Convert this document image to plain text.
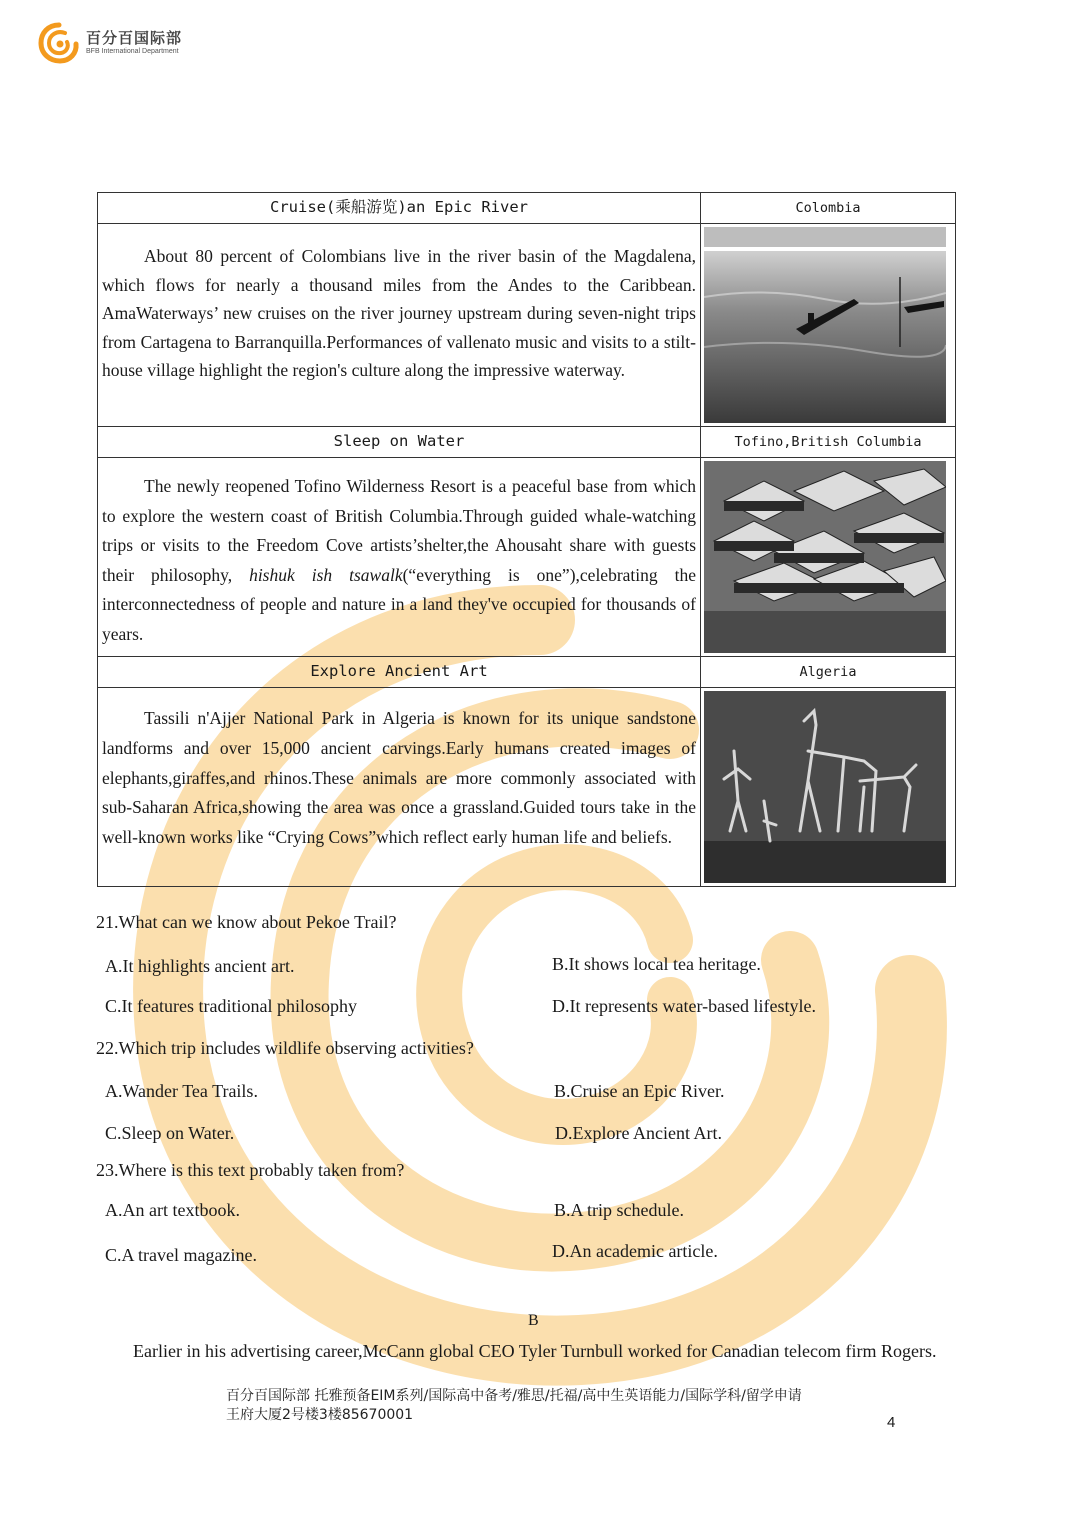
百分百国际部
BFB International Department
Cruise(乘船游览)an Epic River	Colombia

About 80 percent of Colombians live in the river basin of the Magdalena, which flows for nearly a thousand miles from the Andes to the Caribbean. AmaWaterways’ new cruises on the river journey upstream during seven-night trips from Cartagena to Barranquilla.Performances of vallenato music and visits to a stilt-house village highlight the region's culture along the impressive waterway.

Sleep on Water	Tofino,British Columbia

The newly reopened Tofino Wilderness Resort is a peaceful base from which to explore the western coast of British Columbia.Through guided whale-watching trips or visits to the Freedom Cove artists’shelter,the Ahousaht share with guests their philosophy, hishuk ish tsawalk(“everything is one”),celebrating the interconnectedness of people and nature in a land they've occupied for thousands of years.

Explore Ancient Art	Algeria

Tassili n'Ajjer National Park in Algeria is known for its unique sandstone landforms and over 15,000 ancient carvings.Early humans created images of elephants,giraffes,and rhinos.These animals are more commonly associated with sub-Saharan Africa,showing the area was once a grassland.Guided tours take in the well-known works like “Crying Cows”which reflect early human life and beliefs.

21.What can we know about Pekoe Trail?
A.It highlights ancient art.	B.It shows local tea heritage.
C.It features traditional philosophy	D.It represents water-based lifestyle.
22.Which trip includes wildlife observing activities?
A.Wander Tea Trails.	B.Cruise an Epic River.
C.Sleep on Water.	D.Explore Ancient Art.
23.Where is this text probably taken from?
A.An art textbook.	B.A trip schedule.
C.A travel magazine.	D.An academic article.
B
Earlier in his advertising career,McCann global CEO Tyler Turnbull worked for Canadian telecom firm Rogers.
百分百国际部 托雅预备EIM系列/国际高中备考/雅思/托福/高中生英语能力/国际学科/留学申请
王府大厦2号楼3楼85670001	4
